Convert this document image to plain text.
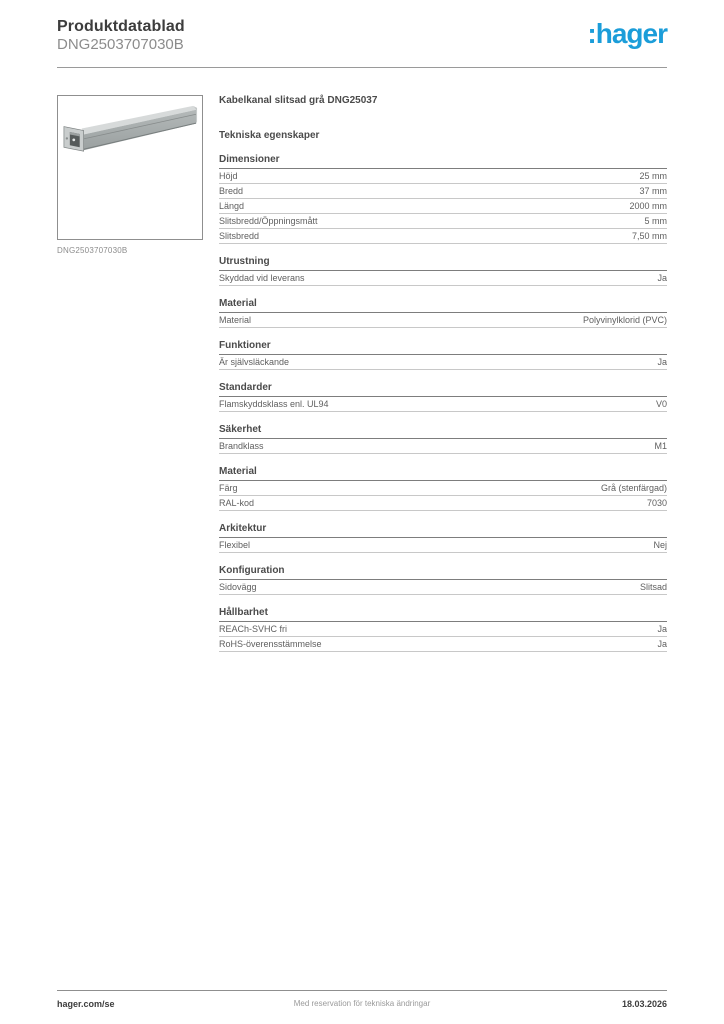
Produktdatablad
DNG2503707030B	:hager
DNG2503707030B
Kabelkanal slitsad grå DNG25037
Tekniska egenskaper
Dimensioner
Höjd	25 mm
Bredd	37 mm
Längd	2000 mm
Slitsbredd/Öppningsmått	5 mm
Slitsbredd	7,50 mm
Utrustning
Skyddad vid leverans	Ja
Material
Material	Polyvinylklorid (PVC)
Funktioner
Är självsläckande	Ja
Standarder
Flamskyddsklass enl. UL94	V0
Säkerhet
Brandklass	M1
Material
Färg	Grå (stenfärgad)
RAL-kod	7030
Arkitektur
Flexibel	Nej
Konfiguration
Sidovägg	Slitsad
Hållbarhet
REACh-SVHC fri	Ja
RoHS-överensstämmelse	Ja
Med reservation för tekniska ändringar
hager.com/se	18.03.2026
